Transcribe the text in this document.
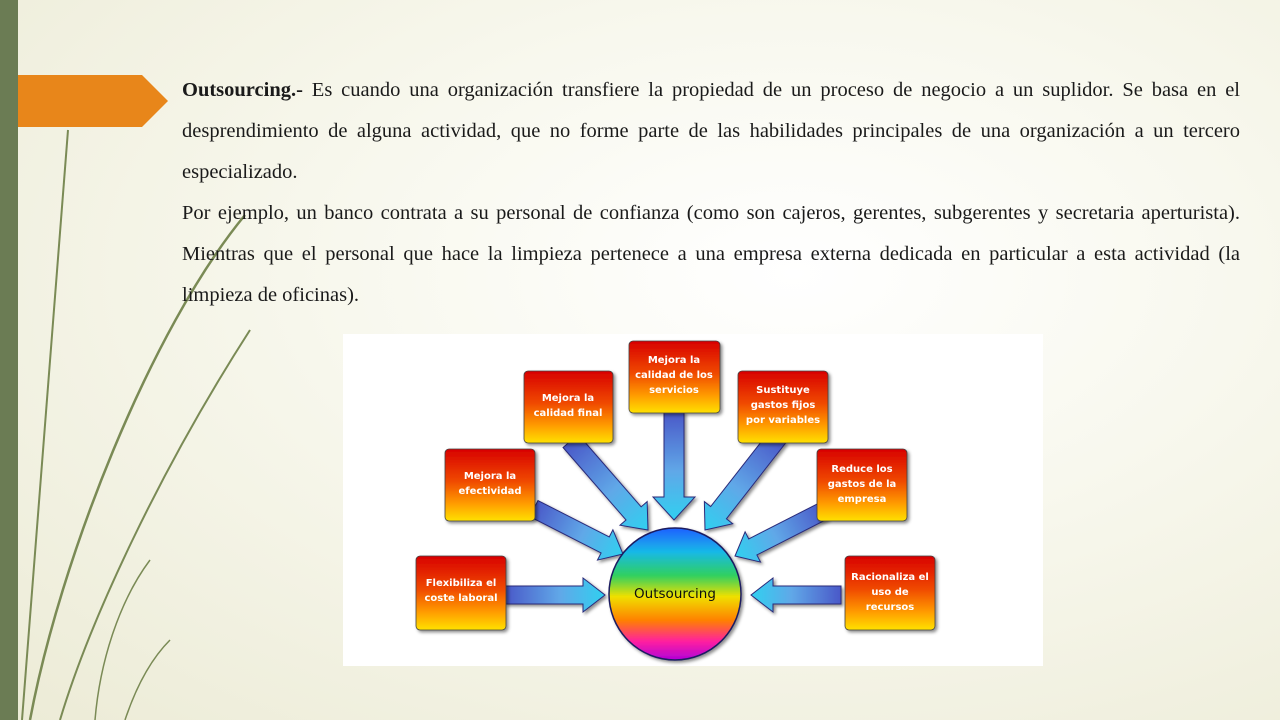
Outsourcing.- Es cuando una organización transfiere la propiedad de un proceso de negocio a un suplidor. Se basa en el desprendimiento de alguna actividad, que no forme parte de las habilidades principales de una organización a un tercero especializado.

Por ejemplo, un banco contrata a su personal de confianza (como son cajeros, gerentes, subgerentes y secretaria aperturista). Mientras que el personal que hace la limpieza pertenece a una empresa externa dedicada en particular a esta actividad (la limpieza de oficinas).

Outsourcing
Flexibiliza el
coste laboral
Mejora la
efectividad
Mejora la
calidad final
Mejora la
calidad de los
servicios	Sustituye
gastos fijos
por variables
Reduce los
gastos de la
empresa
Racionaliza el
uso de
recursos
